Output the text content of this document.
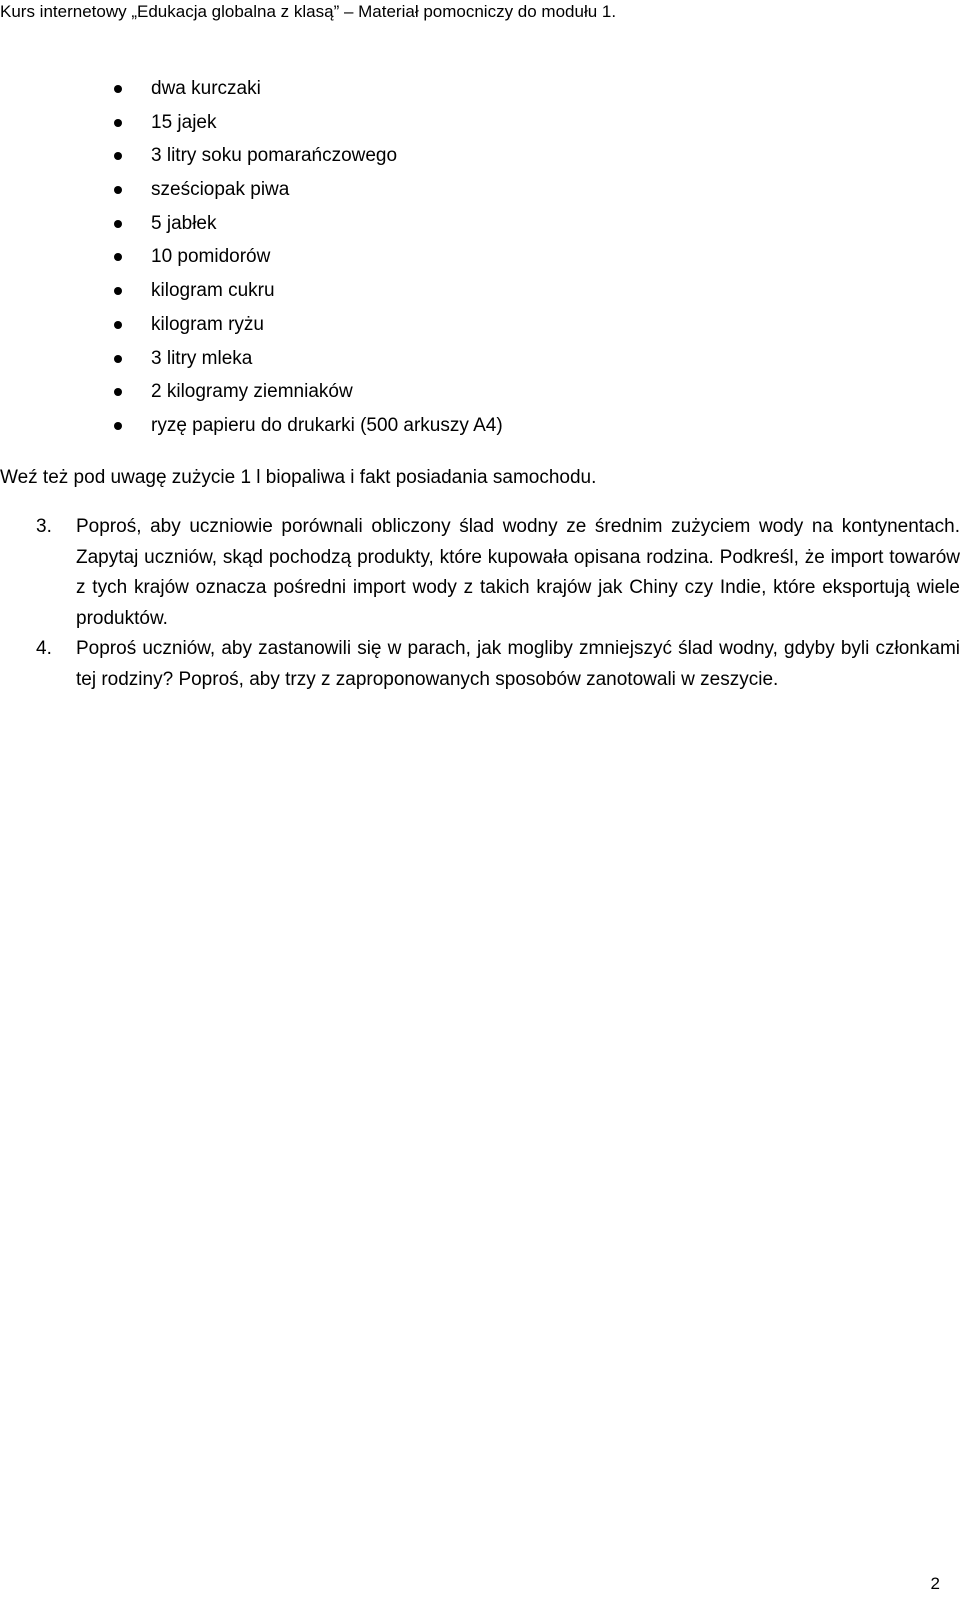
Kurs internetowy „Edukacja globalna z klasą” – Materiał pomocniczy do modułu 1.
dwa kurczaki
15 jajek
3 litry soku pomarańczowego
sześciopak piwa
5 jabłek
10 pomidorów
kilogram cukru
kilogram ryżu
3 litry mleka
2 kilogramy ziemniaków
ryzę papieru do drukarki (500 arkuszy A4)

Weź też pod uwagę zużycie 1 l biopaliwa i fakt posiadania samochodu.

3. Poproś, aby uczniowie porównali obliczony ślad wodny ze średnim zużyciem wody na kontynentach. Zapytaj uczniów, skąd pochodzą produkty, które kupowała opisana rodzina. Podkreśl, że import towarów z tych krajów oznacza pośredni import wody z takich krajów jak Chiny czy Indie, które eksportują wiele produktów.
4. Poproś uczniów, aby zastanowili się w parach, jak mogliby zmniejszyć ślad wodny, gdyby byli członkami tej rodziny? Poproś, aby trzy z zaproponowanych sposobów zanotowali w zeszycie.
2
